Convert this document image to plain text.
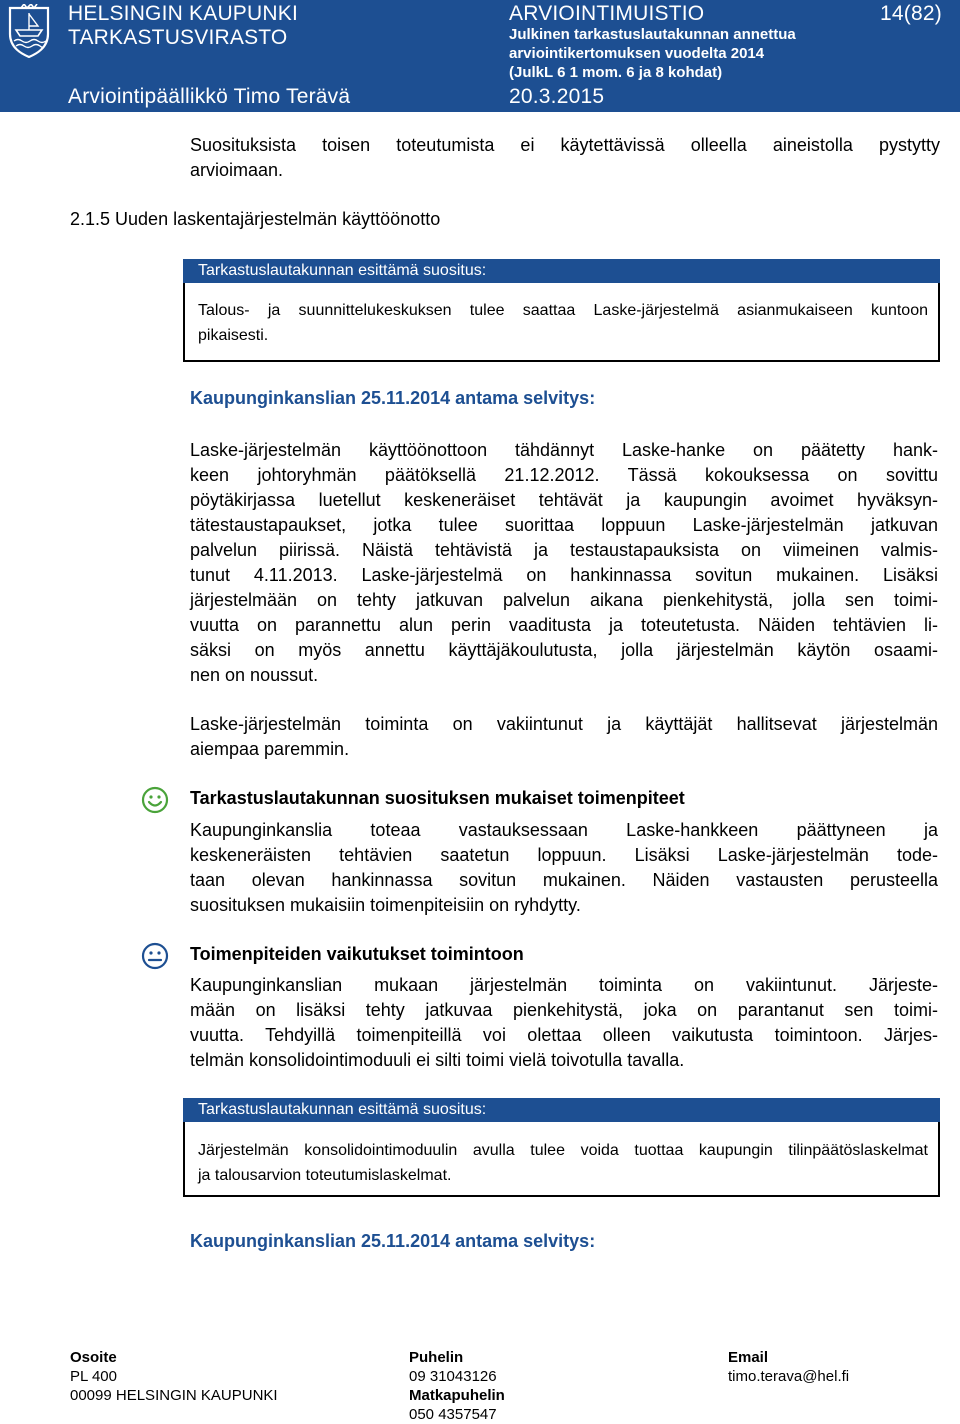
HELSINGIN KAUPUNKI
TARKASTUSVIRASTO
Arviointipäällikkö Timo Terävä
ARVIOINTIMUISTIO
Julkinen tarkastuslautakunnan annettua
arviointikertomuksen vuodelta 2014
(JulkL 6 1 mom. 6 ja 8 kohdat)
20.3.2015
14(82)
Suosituksista toisen toteutumista ei käytettävissä olleella aineistolla pystytty
arvioimaan.
2.1.5 Uuden laskentajärjestelmän käyttöönotto
Tarkastuslautakunnan esittämä suositus:
Talous- ja suunnittelukeskuksen tulee saattaa Laske-järjestelmä asianmukaiseen kuntoon
pikaisesti.
Kaupunginkanslian 25.11.2014 antama selvitys:
Laske-järjestelmän käyttöönottoon tähdännyt Laske-hanke on päätetty hank-
keen johtoryhmän päätöksellä 21.12.2012. Tässä kokouksessa on sovittu
pöytäkirjassa luetellut keskeneräiset tehtävät ja kaupungin avoimet hyväksyn-
tätestaustapaukset, jotka tulee suorittaa loppuun Laske-järjestelmän jatkuvan
palvelun piirissä. Näistä tehtävistä ja testaustapauksista on viimeinen valmis-
tunut 4.11.2013. Laske-järjestelmä on hankinnassa sovitun mukainen. Lisäksi
järjestelmään on tehty jatkuvan palvelun aikana pienkehitystä, jolla sen toimi-
vuutta on parannettu alun perin vaaditusta ja toteutetusta. Näiden tehtävien li-
säksi on myös annettu käyttäjäkoulutusta, jolla järjestelmän käytön osaami-
nen on noussut.
Laske-järjestelmän toiminta on vakiintunut ja käyttäjät hallitsevat järjestelmän
aiempaa paremmin.
Tarkastuslautakunnan suosituksen mukaiset toimenpiteet
Kaupunginkanslia toteaa vastauksessaan Laske-hankkeen päättyneen ja
keskeneräisten tehtävien saatetun loppuun. Lisäksi Laske-järjestelmän tode-
taan olevan hankinnassa sovitun mukainen. Näiden vastausten perusteella
suosituksen mukaisiin toimenpiteisiin on ryhdytty.
Toimenpiteiden vaikutukset toimintoon
Kaupunginkanslian mukaan järjestelmän toiminta on vakiintunut. Järjeste-
mään on lisäksi tehty jatkuvaa pienkehitystä, joka on parantanut sen toimi-
vuutta. Tehdyillä toimenpiteillä voi olettaa olleen vaikutusta toimintoon. Järjes-
telmän konsolidointimoduuli ei silti toimi vielä toivotulla tavalla.
Tarkastuslautakunnan esittämä suositus:
Järjestelmän konsolidointimoduulin avulla tulee voida tuottaa kaupungin tilinpäätöslaskelmat
ja talousarvion toteutumislaskelmat.
Kaupunginkanslian 25.11.2014 antama selvitys:
Osoite
PL 400
00099 HELSINGIN KAUPUNKI
Puhelin
09 31043126
Matkapuhelin
050 4357547
Email
timo.terava@hel.fi
